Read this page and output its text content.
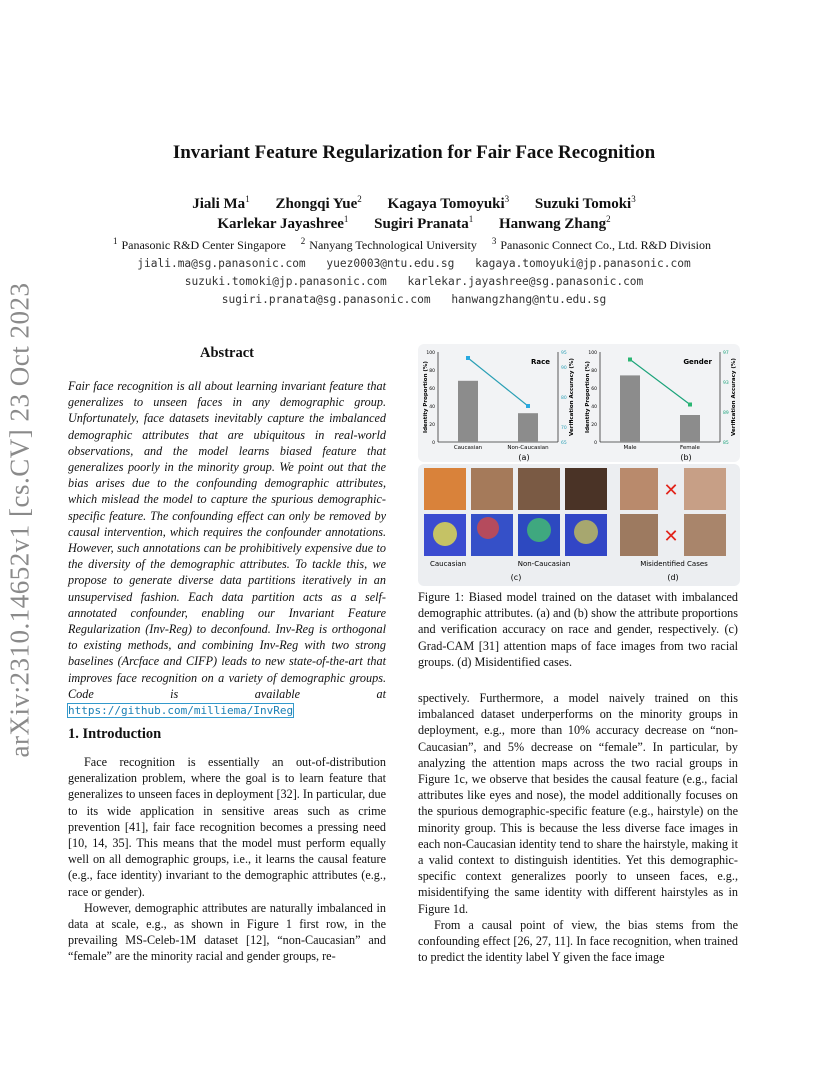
arXiv:2310.14652v1 [cs.CV] 23 Oct 2023
Invariant Feature Regularization for Fair Face Recognition
Jiali Ma$^1$ Zhongqi Yue$^2$ Kagaya Tomoyuki$^3$ Suzuki Tomoki$^3$
Karlekar Jayashree$^1$ Sugiri Pranata$^1$ Hanwang Zhang$^2$
$^1$ Panasonic R&D Center Singapore $^2$ Nanyang Technological University $^3$ Panasonic Connect Co., Ltd. R&D Division
jiali.ma@sg.panasonic.com yuez0003@ntu.edu.sg kagaya.tomoyuki@jp.panasonic.com
suzuki.tomoki@jp.panasonic.com karlekar.jayashree@sg.panasonic.com
sugiri.pranata@sg.panasonic.com hanwangzhang@ntu.edu.sg
Abstract
Fair face recognition is all about learning invariant feature that generalizes to unseen faces in any demographic group. Unfortunately, face datasets inevitably capture the imbalanced demographic attributes that are ubiquitous in real-world observations, and the model learns biased feature that generalizes poorly in the minority group. We point out that the bias arises due to the confounding demographic attributes, which mislead the model to capture the spurious demographic-specific feature. The confounding effect can only be removed by causal intervention, which requires the confounder annotations. However, such annotations can be prohibitively expensive due to the diversity of the demographic attributes. To tackle this, we propose to generate diverse data partitions iteratively in an unsupervised fashion. Each data partition acts as a self-annotated confounder, enabling our Invariant Feature Regularization (Inv-Reg) to deconfound. Inv-Reg is orthogonal to existing methods, and combining Inv-Reg with two strong baselines (Arcface and CIFP) leads to new state-of-the-art that improves face recognition on a variety of demographic groups. Code is available at https://github.com/milliema/InvReg
1. Introduction

Face recognition is essentially an out-of-distribution generalization problem, where the goal is to learn feature that generalizes to unseen faces in deployment [32]. In particular, due to its wide application in sensitive areas such as crime prevention [41], fair face recognition becomes a pressing need [10, 14, 35]. This means that the model must perform equally well on all demographic groups, i.e., it learns the causal feature (e.g., face identity) invariant to the demographic attributes (e.g., race or gender).

However, demographic attributes are naturally imbalanced in data at scale, e.g., as shown in Figure 1 first row, in the prevailing MS-Celeb-1M dataset [12], “non-Caucasian” and “female” are the minority racial and gender groups, re-

0
20
40
60
80
100
65
70
80
90
95
Identity Proportion (%)	Verification Accuracy (%)
Race
Caucasian	Non-Caucasian
0
20
40
60
80
100
85
89
93
97
Identity Proportion (%)	Verification Accuracy (%)
Gender
Male	Female
(a)	(b)
Caucasian	Non-Caucasian	Misidentified Cases
(c)	(d)
✕
✕
Figure 1: Biased model trained on the dataset with imbalanced demographic attributes. (a) and (b) show the attribute proportions and verification accuracy on race and gender, respectively. (c) Grad-CAM [31] attention maps of face images from two racial groups. (d) Misidentified cases.

spectively. Furthermore, a model naively trained on this imbalanced dataset underperforms on the minority groups in deployment, e.g., more than 10% accuracy decrease on “non-Caucasian”, and 5% decrease on “female”. In particular, by analyzing the attention maps across the two racial groups in Figure 1c, we observe that besides the causal feature (e.g., facial attributes like eyes and nose), the model additionally focuses on the spurious demographic-specific feature (e.g., hairstyle) on the minority group. This is because the less diverse face images in each non-Caucasian identity tend to share the hairstyle, making it a valid context to distinguish identities. Yet this demographic-specific context generalizes poorly to unseen faces, e.g., misidentifying the same identity with different hairstyles as in Figure 1d.

From a causal point of view, the bias stems from the confounding effect [26, 27, 11]. In face recognition, when trained to predict the identity label Y given the face image
